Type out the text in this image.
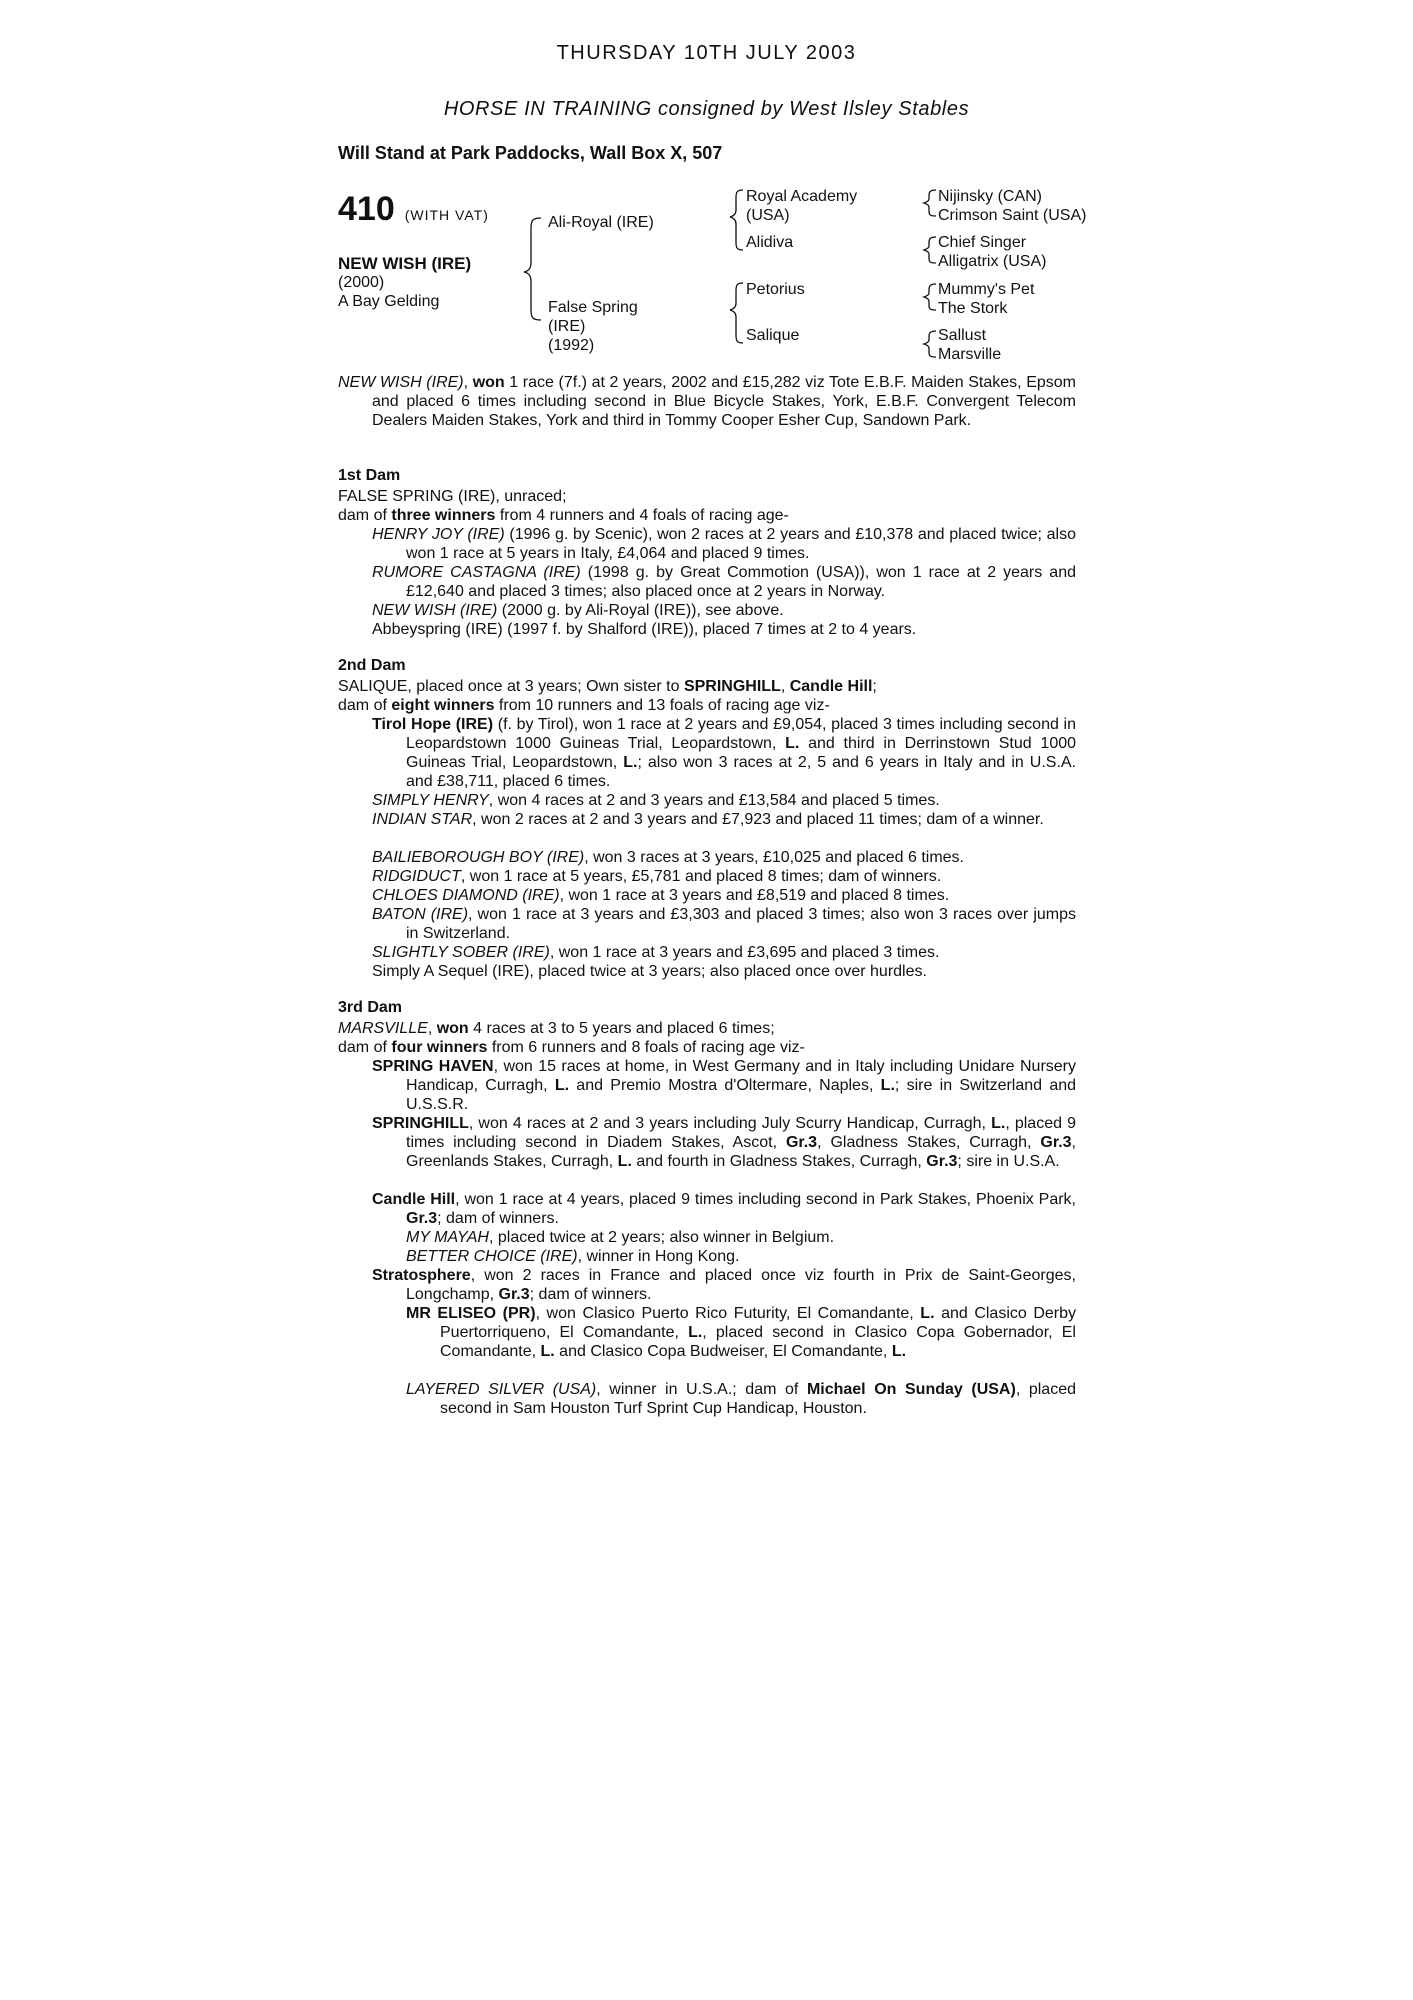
THURSDAY 10TH JULY 2003
HORSE IN TRAINING consigned by West Ilsley Stables
Will Stand at Park Paddocks, Wall Box X, 507
410 (WITH VAT)
NEW WISH (IRE)
(2000)
A Bay Gelding
Ali-Royal (IRE)
False Spring
(IRE)
(1992)
Royal Academy
(USA)
Alidiva
Petorius
Salique
Nijinsky (CAN)
Crimson Saint (USA)
Chief Singer
Alligatrix (USA)
Mummy's Pet
The Stork
Sallust
Marsville
NEW WISH (IRE), won 1 race (7f.) at 2 years, 2002 and £15,282 viz Tote E.B.F. Maiden Stakes, Epsom and placed 6 times including second in Blue Bicycle Stakes, York, E.B.F. Convergent Telecom Dealers Maiden Stakes, York and third in Tommy Cooper Esher Cup, Sandown Park.
1st Dam
FALSE SPRING (IRE), unraced;
dam of three winners from 4 runners and 4 foals of racing age-
HENRY JOY (IRE) (1996 g. by Scenic), won 2 races at 2 years and £10,378 and placed twice; also won 1 race at 5 years in Italy, £4,064 and placed 9 times.
RUMORE CASTAGNA (IRE) (1998 g. by Great Commotion (USA)), won 1 race at 2 years and £12,640 and placed 3 times; also placed once at 2 years in Norway.
NEW WISH (IRE) (2000 g. by Ali-Royal (IRE)), see above.
Abbeyspring (IRE) (1997 f. by Shalford (IRE)), placed 7 times at 2 to 4 years.
2nd Dam
SALIQUE, placed once at 3 years; Own sister to SPRINGHILL, Candle Hill;
dam of eight winners from 10 runners and 13 foals of racing age viz-
Tirol Hope (IRE) (f. by Tirol), won 1 race at 2 years and £9,054, placed 3 times including second in Leopardstown 1000 Guineas Trial, Leopardstown, L. and third in Derrinstown Stud 1000 Guineas Trial, Leopardstown, L.; also won 3 races at 2, 5 and 6 years in Italy and in U.S.A. and £38,711, placed 6 times.
SIMPLY HENRY, won 4 races at 2 and 3 years and £13,584 and placed 5 times.
INDIAN STAR, won 2 races at 2 and 3 years and £7,923 and placed 11 times; dam of a winner.
BAILIEBOROUGH BOY (IRE), won 3 races at 3 years, £10,025 and placed 6 times.
RIDGIDUCT, won 1 race at 5 years, £5,781 and placed 8 times; dam of winners.
CHLOES DIAMOND (IRE), won 1 race at 3 years and £8,519 and placed 8 times.
BATON (IRE), won 1 race at 3 years and £3,303 and placed 3 times; also won 3 races over jumps in Switzerland.
SLIGHTLY SOBER (IRE), won 1 race at 3 years and £3,695 and placed 3 times.
Simply A Sequel (IRE), placed twice at 3 years; also placed once over hurdles.
3rd Dam
MARSVILLE, won 4 races at 3 to 5 years and placed 6 times;
dam of four winners from 6 runners and 8 foals of racing age viz-
SPRING HAVEN, won 15 races at home, in West Germany and in Italy including Unidare Nursery Handicap, Curragh, L. and Premio Mostra d'Oltermare, Naples, L.; sire in Switzerland and U.S.S.R.
SPRINGHILL, won 4 races at 2 and 3 years including July Scurry Handicap, Curragh, L., placed 9 times including second in Diadem Stakes, Ascot, Gr.3, Gladness Stakes, Curragh, Gr.3, Greenlands Stakes, Curragh, L. and fourth in Gladness Stakes, Curragh, Gr.3; sire in U.S.A.
Candle Hill, won 1 race at 4 years, placed 9 times including second in Park Stakes, Phoenix Park, Gr.3; dam of winners.
MY MAYAH, placed twice at 2 years; also winner in Belgium.
BETTER CHOICE (IRE), winner in Hong Kong.
Stratosphere, won 2 races in France and placed once viz fourth in Prix de Saint-Georges, Longchamp, Gr.3; dam of winners.
MR ELISEO (PR), won Clasico Puerto Rico Futurity, El Comandante, L. and Clasico Derby Puertorriqueno, El Comandante, L., placed second in Clasico Copa Gobernador, El Comandante, L. and Clasico Copa Budweiser, El Comandante, L.
LAYERED SILVER (USA), winner in U.S.A.; dam of Michael On Sunday (USA), placed second in Sam Houston Turf Sprint Cup Handicap, Houston.
